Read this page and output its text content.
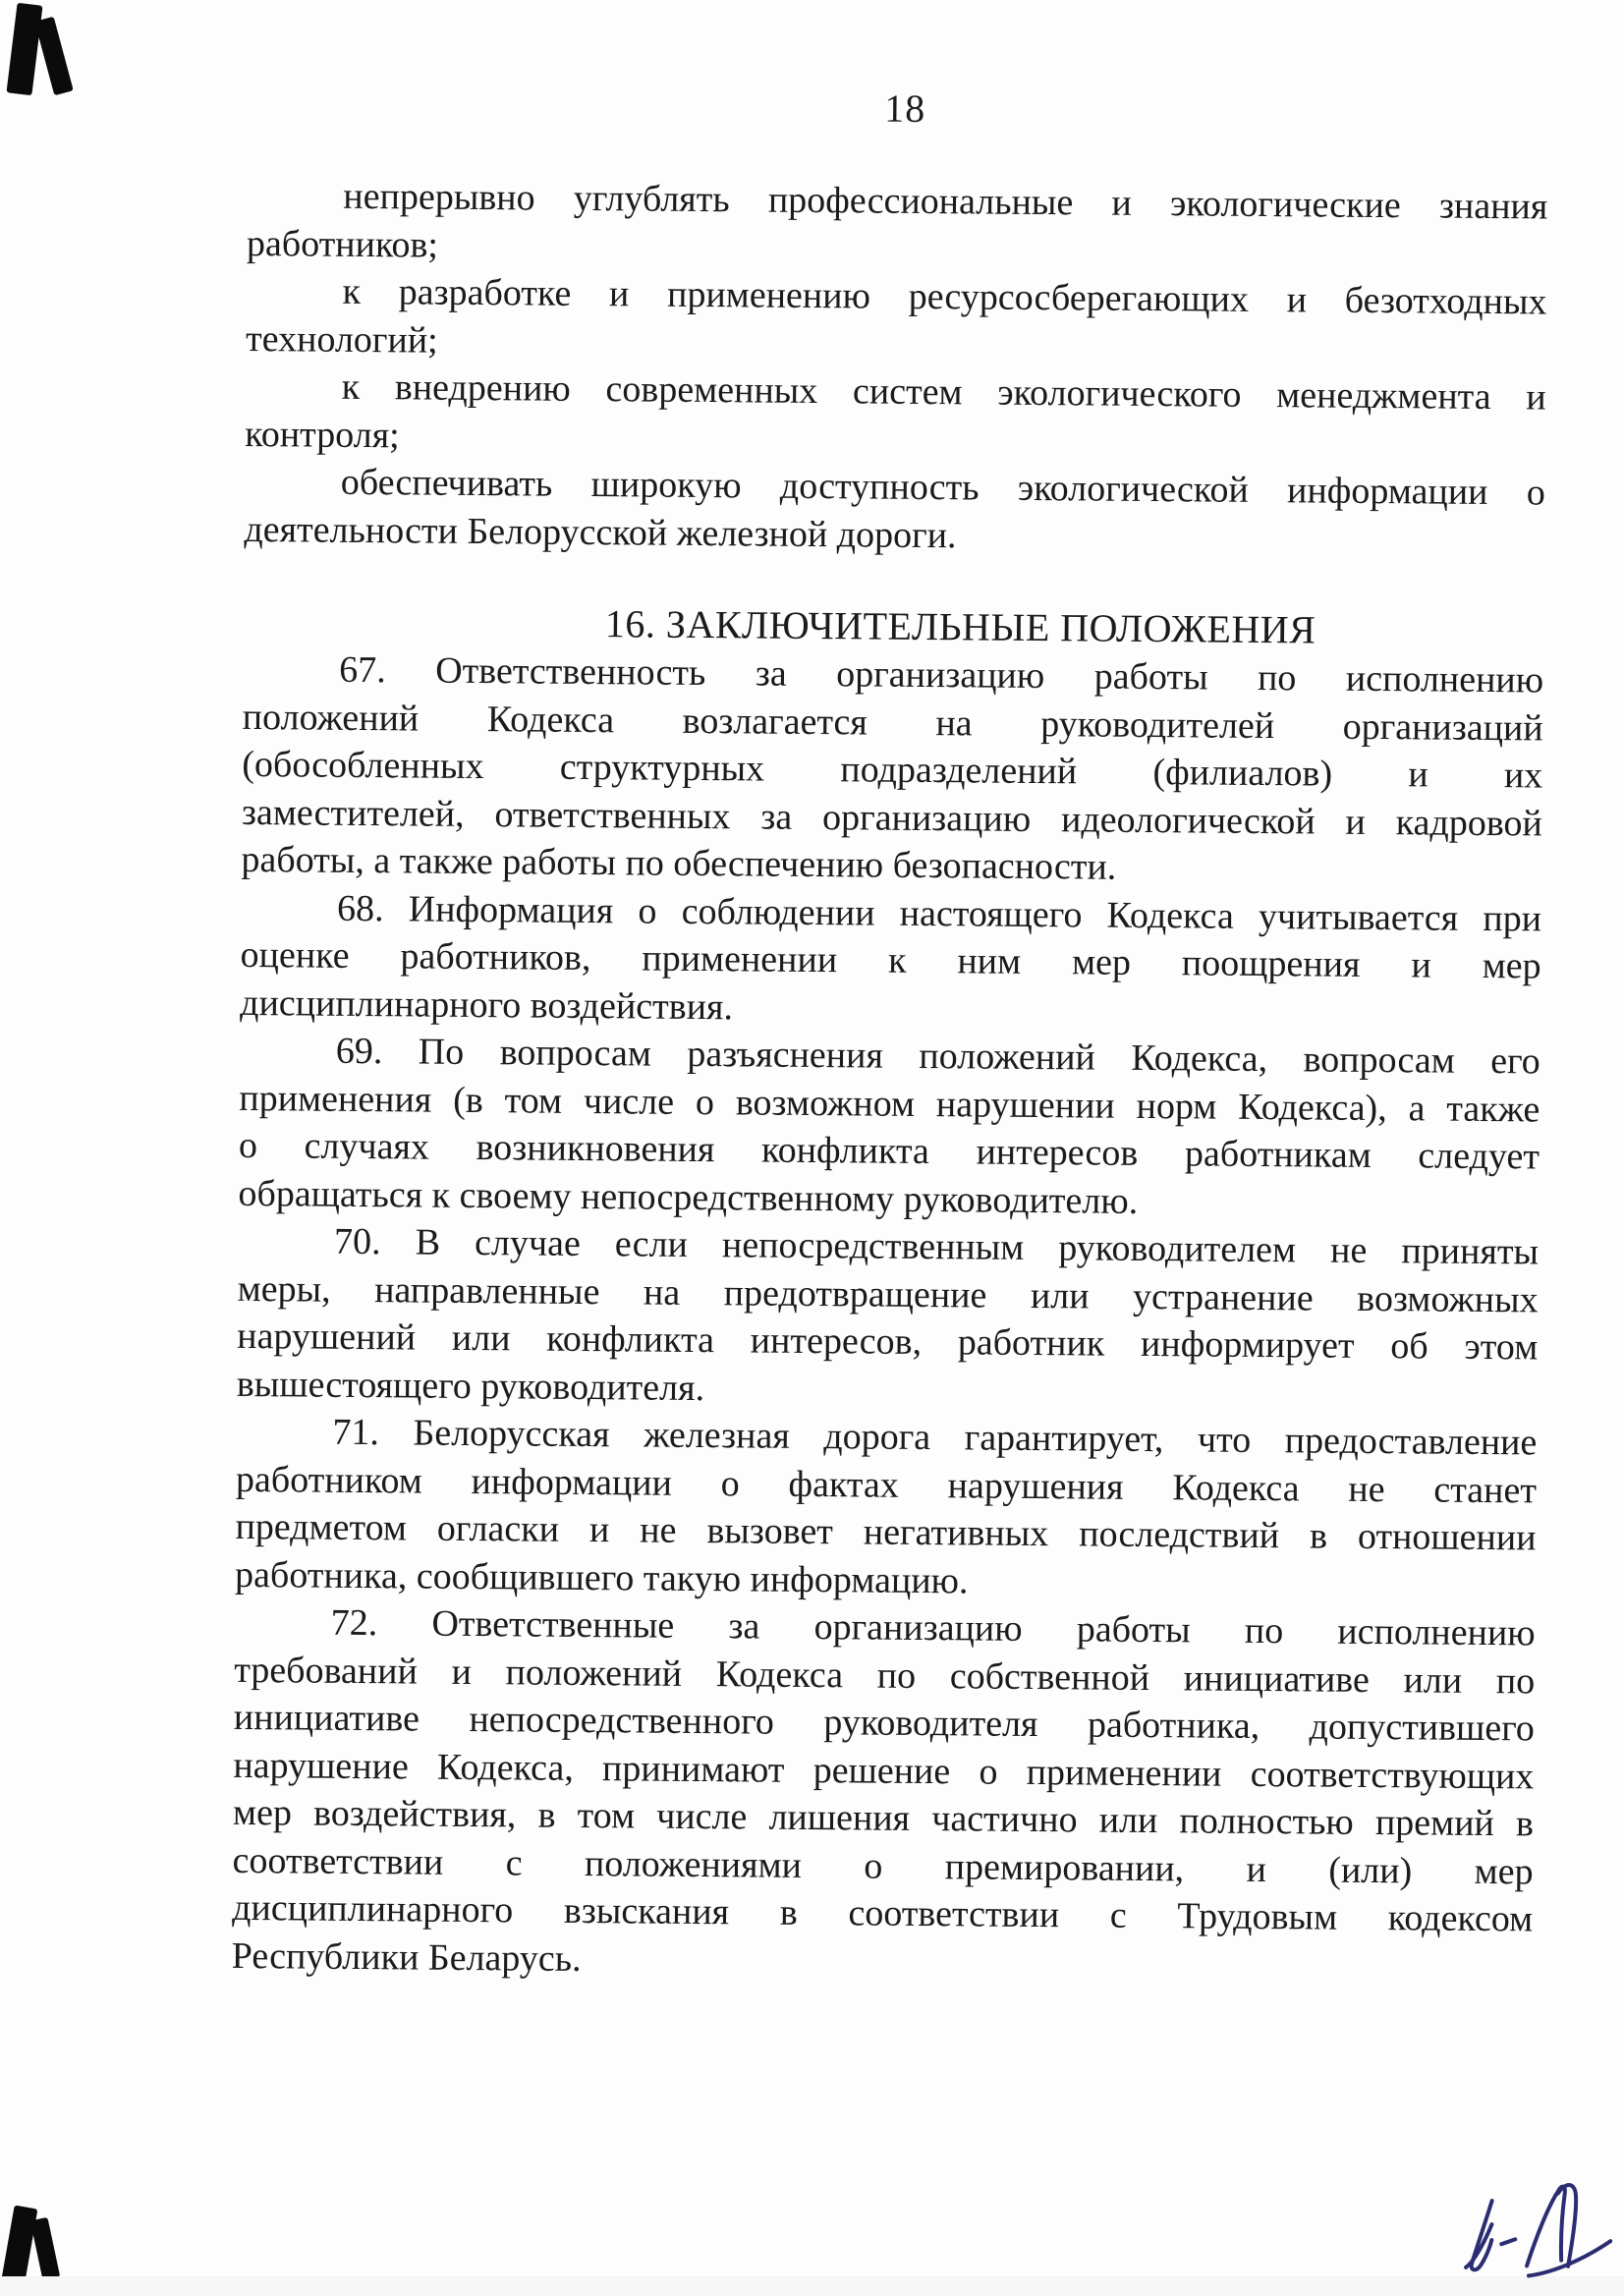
18
непрерывно углублять профессиональные и экологические знания
работников;
к разработке и применению ресурсосберегающих и безотходных
технологий;
к внедрению современных систем экологического менеджмента и
контроля;
обеспечивать широкую доступность экологической информации о
деятельности Белорусской железной дороги.
16. ЗАКЛЮЧИТЕЛЬНЫЕ ПОЛОЖЕНИЯ
67. Ответственность за организацию работы по исполнению
положений Кодекса возлагается на руководителей организаций
(обособленных структурных подразделений (филиалов) и их
заместителей, ответственных за организацию идеологической и кадровой
работы, а также работы по обеспечению безопасности.
68. Информация о соблюдении настоящего Кодекса учитывается при
оценке работников, применении к ним мер поощрения и мер
дисциплинарного воздействия.
69. По вопросам разъяснения положений Кодекса, вопросам его
применения (в том числе о возможном нарушении норм Кодекса), а также
о случаях возникновения конфликта интересов работникам следует
обращаться к своему непосредственному руководителю.
70. В случае если непосредственным руководителем не приняты
меры, направленные на предотвращение или устранение возможных
нарушений или конфликта интересов, работник информирует об этом
вышестоящего руководителя.
71. Белорусская железная дорога гарантирует, что предоставление
работником информации о фактах нарушения Кодекса не станет
предметом огласки и не вызовет негативных последствий в отношении
работника, сообщившего такую информацию.
72. Ответственные за организацию работы по исполнению
требований и положений Кодекса по собственной инициативе или по
инициативе непосредственного руководителя работника, допустившего
нарушение Кодекса, принимают решение о применении соответствующих
мер воздействия, в том числе лишения частично или полностью премий в
соответствии с положениями о премировании, и (или) мер
дисциплинарного взыскания в соответствии с Трудовым кодексом
Республики Беларусь.
